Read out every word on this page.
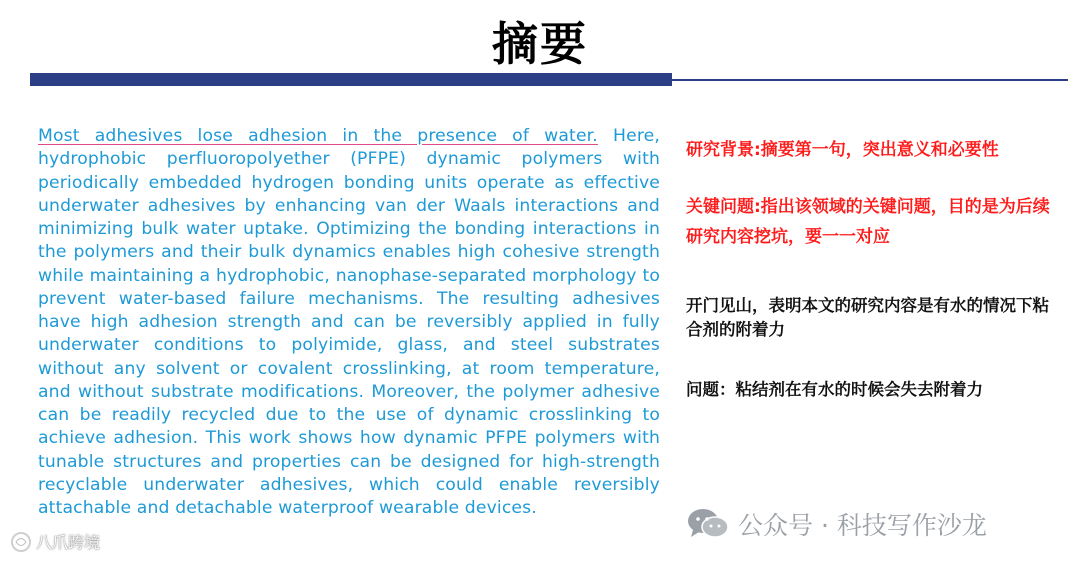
摘要
Most adhesives lose adhesion in the presence of water. Here, hydrophobic perfluoropolyether (PFPE) dynamic polymers with periodically embedded hydrogen bonding units operate as effective underwater adhesives by enhancing van der Waals interactions and minimizing bulk water uptake. Optimizing the bonding interactions in the polymers and their bulk dynamics enables high cohesive strength while maintaining a hydrophobic, nanophase-separated morphology to prevent water-based failure mechanisms. The resulting adhesives have high adhesion strength and can be reversibly applied in fully underwater conditions to polyimide, glass, and steel substrates without any solvent or covalent crosslinking, at room temperature, and without substrate modifications. Moreover, the polymer adhesive can be readily recycled due to the use of dynamic crosslinking to achieve adhesion. This work shows how dynamic PFPE polymers with tunable structures and properties can be designed for high-strength recyclable underwater adhesives, which could enable reversibly attachable and detachable waterproof wearable devices.
研究背景:摘要第一句，突出意义和必要性
关键问题:指出该领域的关键问题，目的是为后续研究内容挖坑，要一一对应
开门见山，表明本文的研究内容是有水的情况下粘合剂的附着力
问题：粘结剂在有水的时候会失去附着力
公众号 · 科技写作沙龙
八爪跨境
